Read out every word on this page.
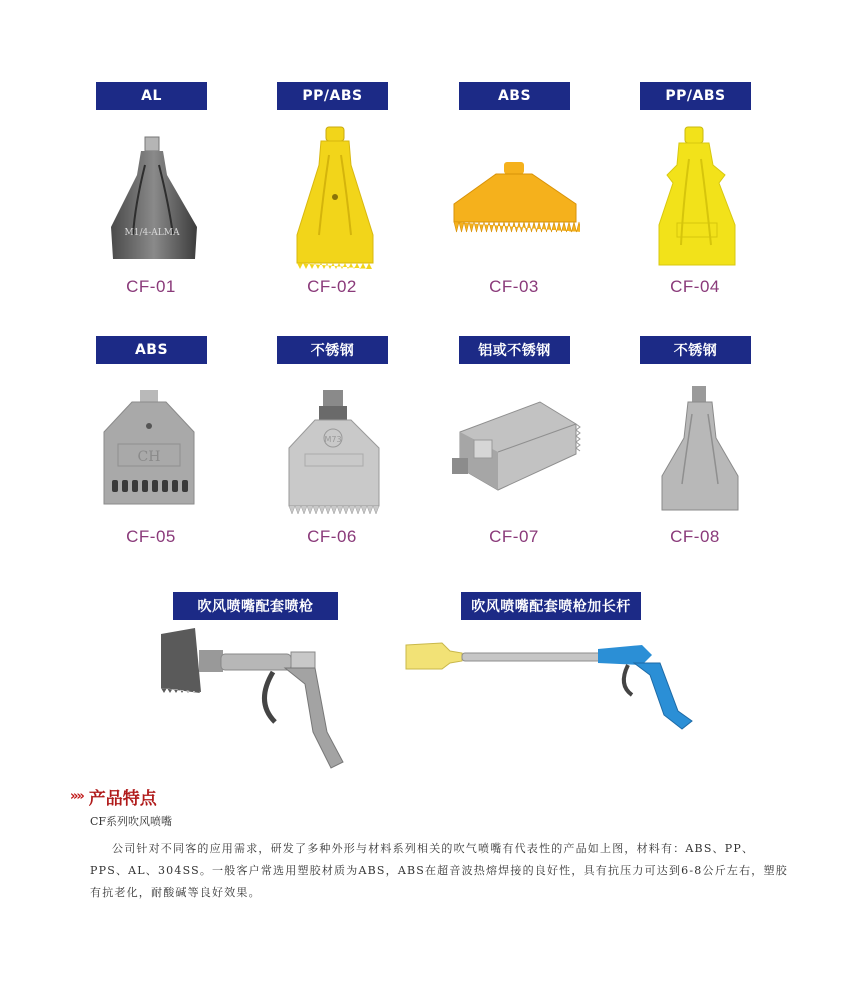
AL	PP/ABS	ABS	PP/ABS
M1/4-ALMA
CF-01	CF-02	CF-03	CF-04
ABS	不锈钢	铝或不锈钢	不锈钢
CH
M73
CF-05	CF-06	CF-07	CF-08
吹风喷嘴配套喷枪	吹风喷嘴配套喷枪加长杆
»» 产品特点
CF系列吹风喷嘴
公司针对不同客的应用需求，研发了多种外形与材料系列相关的吹气喷嘴有代表性的产品如上图，材料有：ABS、PP、PPS、AL、304SS。一般客户常选用塑胶材质为ABS，ABS在超音波热熔焊接的良好性，具有抗压力可达到6-8公斤左右，塑胶有抗老化，耐酸碱等良好效果。
